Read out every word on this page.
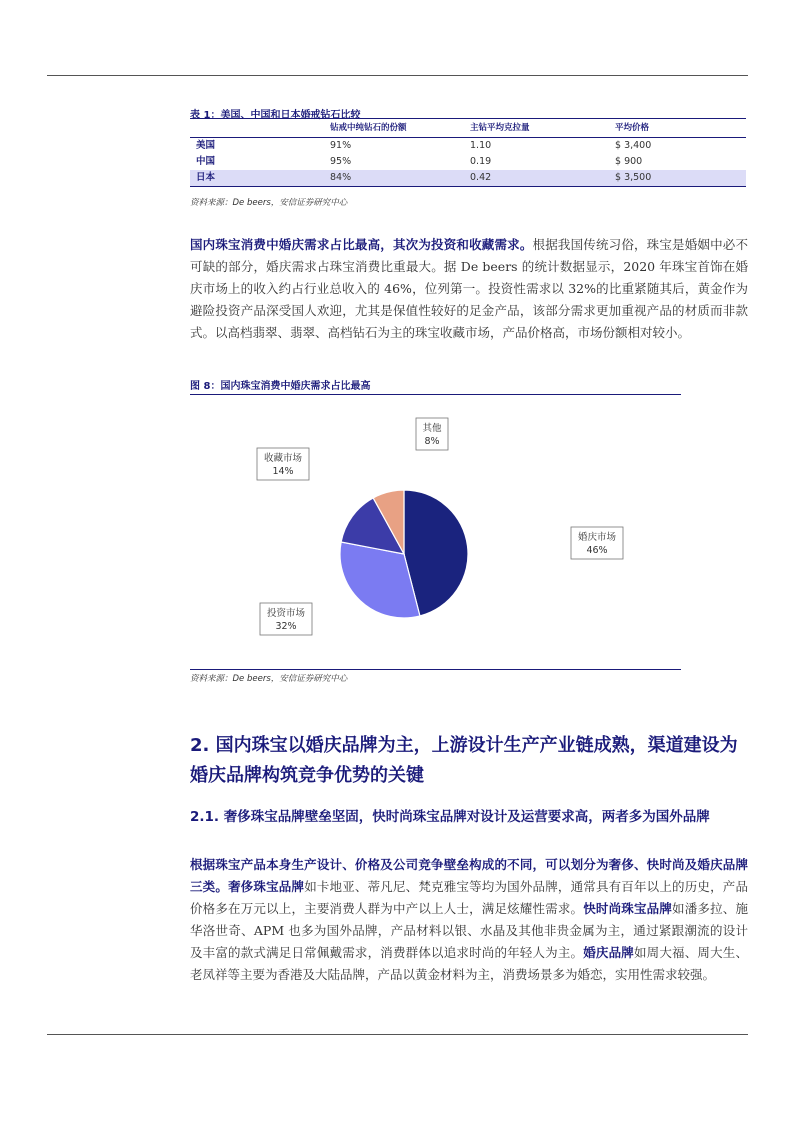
表 1：美国、中国和日本婚戒钻石比较
	钻戒中纯钻石的份额	主钻平均克拉量	平均价格
美国	91%	1.10	$ 3,400
中国	95%	0.19	$ 900
日本	84%	0.42	$ 3,500
资料来源：De beers，安信证券研究中心
国内珠宝消费中婚庆需求占比最高，其次为投资和收藏需求。根据我国传统习俗，珠宝是婚姻中必不可缺的部分，婚庆需求占珠宝消费比重最大。据 De beers 的统计数据显示，2020 年珠宝首饰在婚庆市场上的收入约占行业总收入的 46%，位列第一。投资性需求以 32%的比重紧随其后，黄金作为避险投资产品深受国人欢迎，尤其是保值性较好的足金产品，该部分需求更加重视产品的材质而非款式。以高档翡翠、翡翠、高档钻石为主的珠宝收藏市场，产品价格高，市场份额相对较小。
图 8：国内珠宝消费中婚庆需求占比最高
婚庆市场
46%
投资市场
32%
收藏市场
14%
其他
8%
资料来源：De beers，安信证券研究中心
2. 国内珠宝以婚庆品牌为主，上游设计生产产业链成熟，渠道建设为婚庆品牌构筑竞争优势的关键
2.1. 奢侈珠宝品牌壁垒坚固，快时尚珠宝品牌对设计及运营要求高，两者多为国外品牌
根据珠宝产品本身生产设计、价格及公司竞争壁垒构成的不同，可以划分为奢侈、快时尚及婚庆品牌三类。奢侈珠宝品牌如卡地亚、蒂凡尼、梵克雅宝等均为国外品牌，通常具有百年以上的历史，产品价格多在万元以上，主要消费人群为中产以上人士，满足炫耀性需求。快时尚珠宝品牌如潘多拉、施华洛世奇、APM 也多为国外品牌，产品材料以银、水晶及其他非贵金属为主，通过紧跟潮流的设计及丰富的款式满足日常佩戴需求，消费群体以追求时尚的年轻人为主。婚庆品牌如周大福、周大生、老凤祥等主要为香港及大陆品牌，产品以黄金材料为主，消费场景多为婚恋，实用性需求较强。
